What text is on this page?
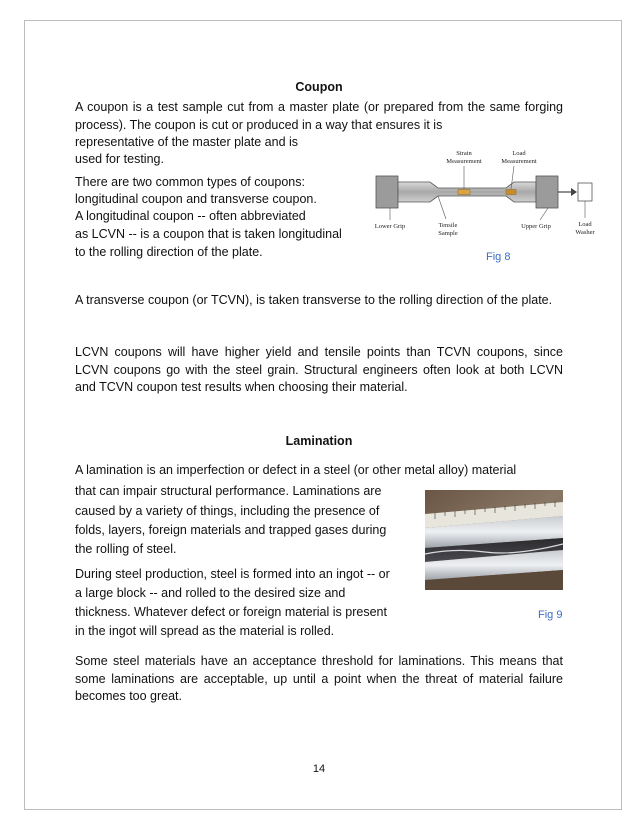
Coupon

A coupon is a test sample cut from a master plate (or prepared from the same forging process). The coupon is cut or produced in a way that ensures it is

representative of the master plate and is

used for testing.

There are two common types of coupons:

longitudinal coupon and transverse coupon.

A longitudinal coupon -- often abbreviated

as LCVN -- is a coupon that is taken longitudinal

to the rolling direction of the plate.

Strain
Measurement
Load
Measurement
Lower Grip	Tensile
Sample
Upper Grip	Load
Washer
Fig 8

A transverse coupon (or TCVN), is taken transverse to the rolling direction of the plate.

LCVN coupons will have higher yield and tensile points than TCVN coupons, since LCVN coupons go with the steel grain. Structural engineers often look at both LCVN and TCVN coupon test results when choosing their material.

Lamination

A lamination is an imperfection or defect in a steel (or other metal alloy) material

that can impair structural performance. Laminations are

caused by a variety of things, including the presence of

folds, layers, foreign materials and trapped gases during

the rolling of steel.

During steel production, steel is formed into an ingot -- or

a large block -- and rolled to the desired size and

thickness. Whatever defect or foreign material is present

in the ingot will spread as the material is rolled.

Fig 9

Some steel materials have an acceptance threshold for laminations. This means that some laminations are acceptable, up until a point when the threat of material failure becomes too great.

14
